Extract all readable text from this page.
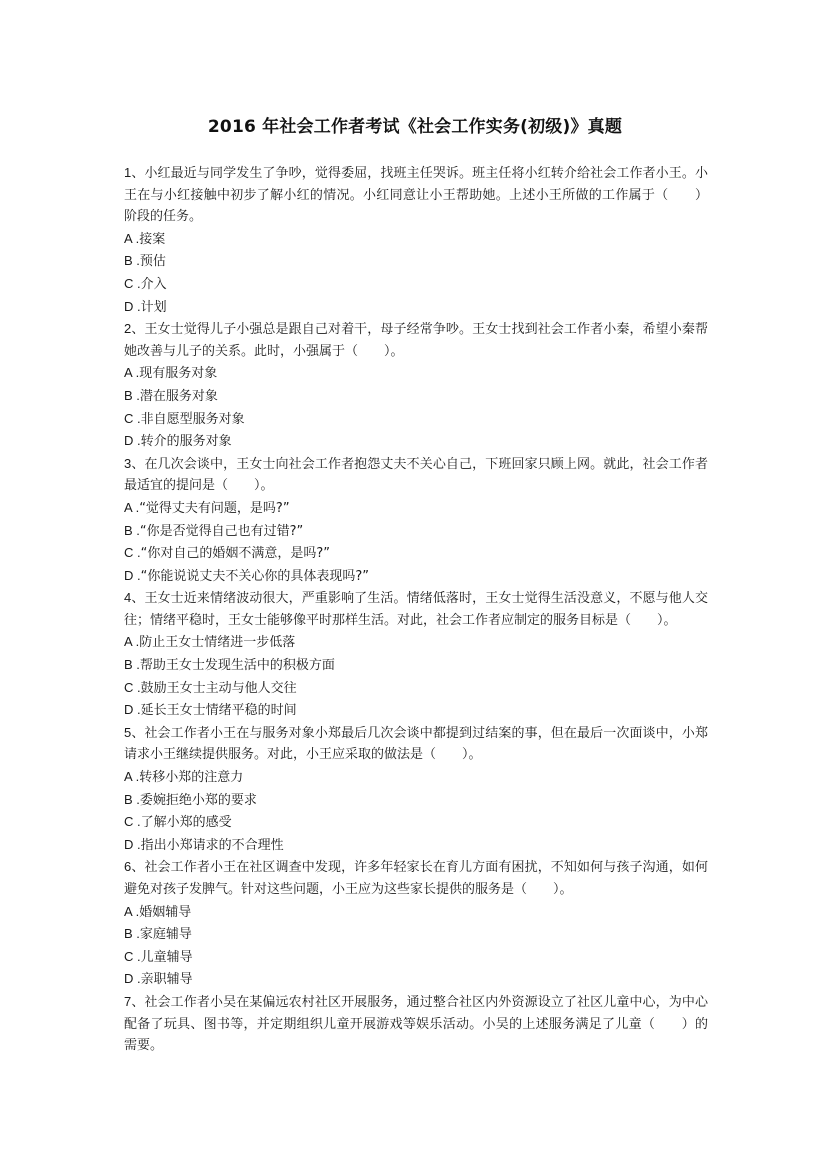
2016 年社会工作者考试《社会工作实务(初级)》真题

1、小红最近与同学发生了争吵，觉得委屈，找班主任哭诉。班主任将小红转介给社会工作者小王。小王在与小红接触中初步了解小红的情况。小红同意让小王帮助她。上述小王所做的工作属于（　　）阶段的任务。

A .接案

B .预估

C .介入

D .计划

2、王女士觉得儿子小强总是跟自己对着干，母子经常争吵。王女士找到社会工作者小秦，希望小秦帮她改善与儿子的关系。此时，小强属于（　　）。

A .现有服务对象

B .潜在服务对象

C .非自愿型服务对象

D .转介的服务对象

3、在几次会谈中，王女士向社会工作者抱怨丈夫不关心自己，下班回家只顾上网。就此，社会工作者最适宜的提问是（　　）。

A .“觉得丈夫有问题，是吗?”

B .“你是否觉得自己也有过错?”

C .“你对自己的婚姻不满意，是吗?”

D .“你能说说丈夫不关心你的具体表现吗?”

4、王女士近来情绪波动很大，严重影响了生活。情绪低落时，王女士觉得生活没意义，不愿与他人交往；情绪平稳时，王女士能够像平时那样生活。对此，社会工作者应制定的服务目标是（　　）。

A .防止王女士情绪进一步低落

B .帮助王女士发现生活中的积极方面

C .鼓励王女士主动与他人交往

D .延长王女士情绪平稳的时间

5、社会工作者小王在与服务对象小郑最后几次会谈中都提到过结案的事，但在最后一次面谈中，小郑请求小王继续提供服务。对此，小王应采取的做法是（　　）。

A .转移小郑的注意力

B .委婉拒绝小郑的要求

C .了解小郑的感受

D .指出小郑请求的不合理性

6、社会工作者小王在社区调查中发现，许多年轻家长在育儿方面有困扰，不知如何与孩子沟通，如何避免对孩子发脾气。针对这些问题，小王应为这些家长提供的服务是（　　）。

A .婚姻辅导

B .家庭辅导

C .儿童辅导

D .亲职辅导

7、社会工作者小吴在某偏远农村社区开展服务，通过整合社区内外资源设立了社区儿童中心，为中心配备了玩具、图书等，并定期组织儿童开展游戏等娱乐活动。小吴的上述服务满足了儿童（　　）的需要。
